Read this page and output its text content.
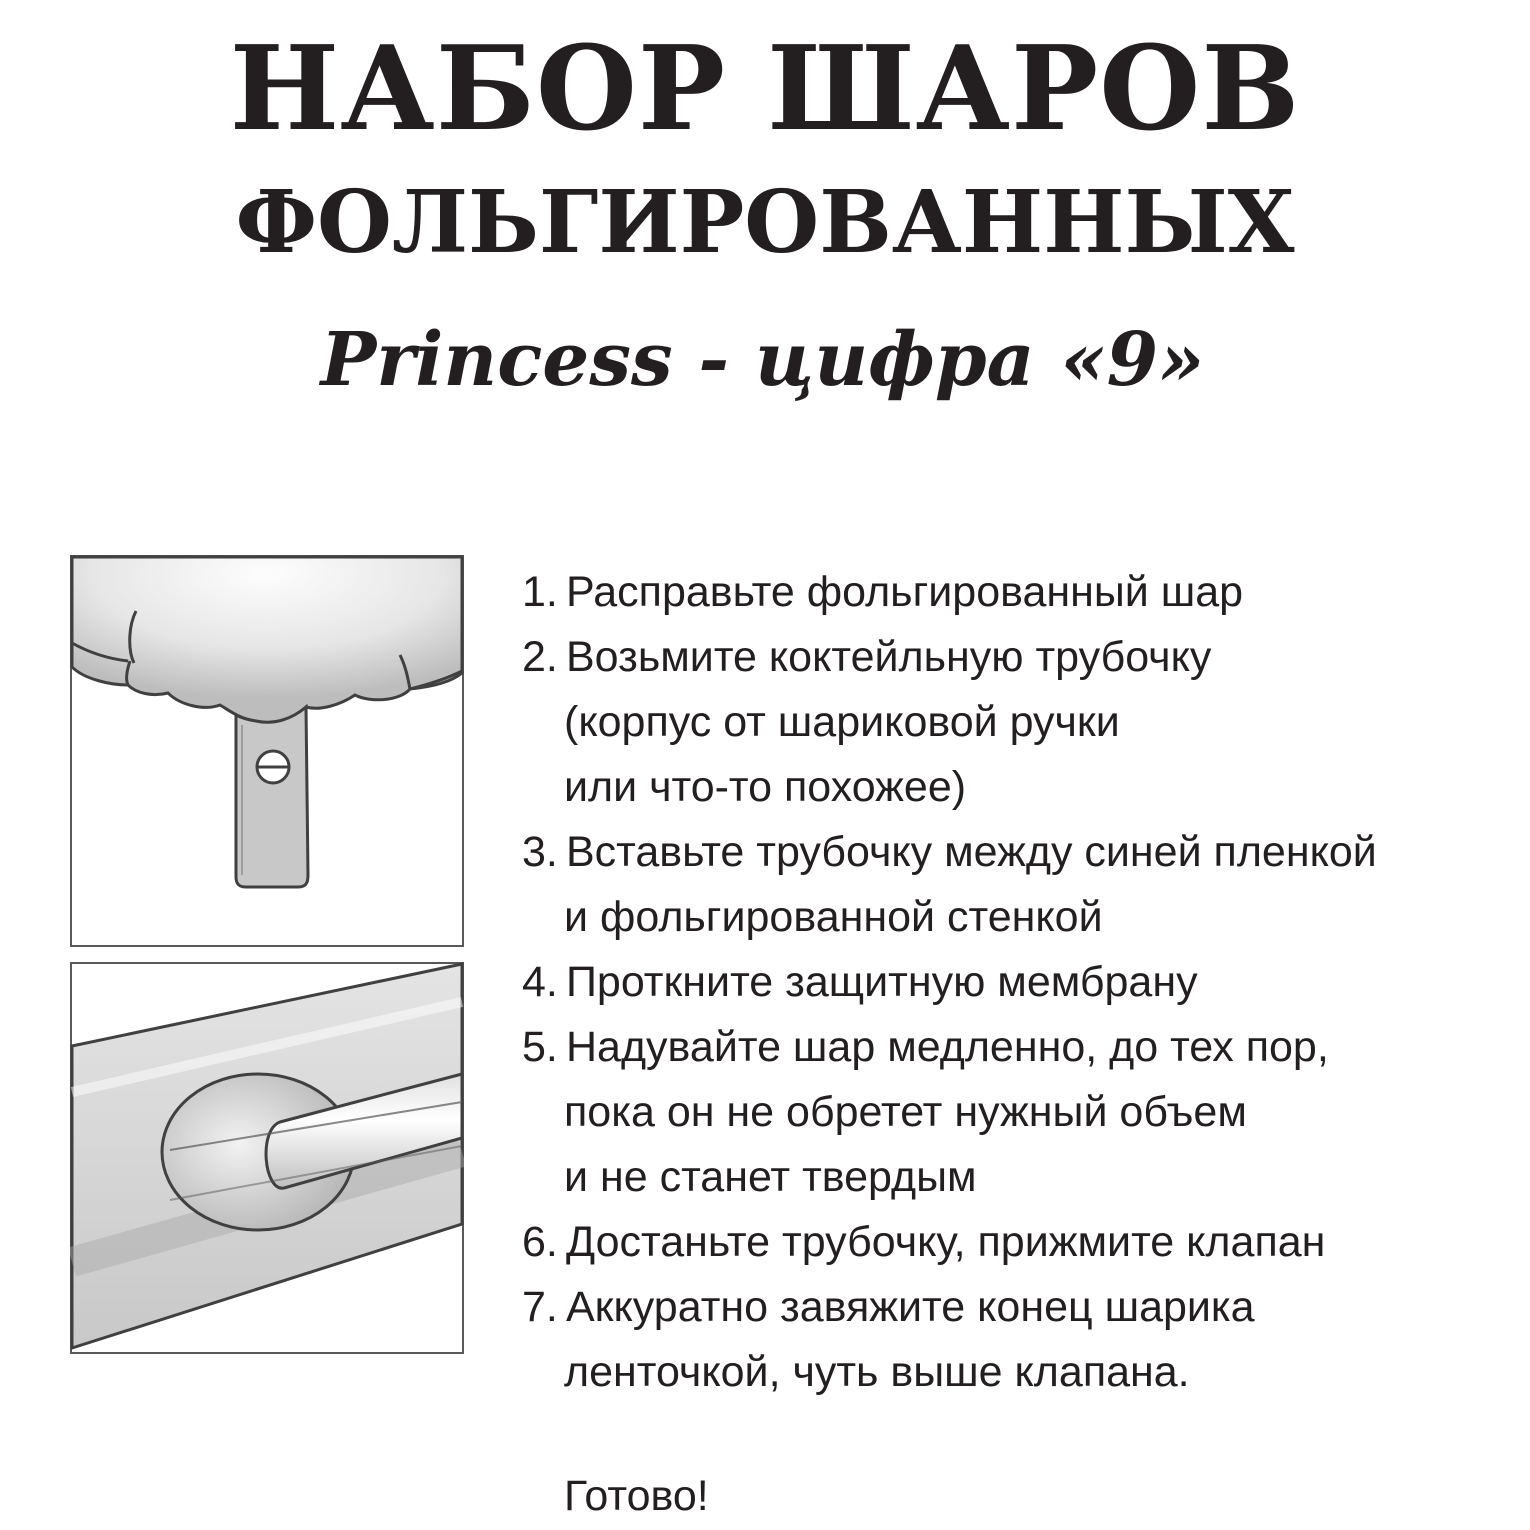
НАБОР ШАРОВ
ФОЛЬГИРОВАННЫХ
Princess - цифра «9»
1. Расправьте фольгированный шар
2. Возьмите коктейльную трубочку
(корпус от шариковой ручки
или что-то похожее)
3. Вставьте трубочку между синей пленкой
и фольгированной стенкой
4. Проткните защитную мембрану
5. Надувайте шар медленно, до тех пор,
пока он не обретет нужный объем
и не станет твердым
6. Достаньте трубочку, прижмите клапан
7. Аккуратно завяжите конец шарика
ленточкой, чуть выше клапана.
Готово!
